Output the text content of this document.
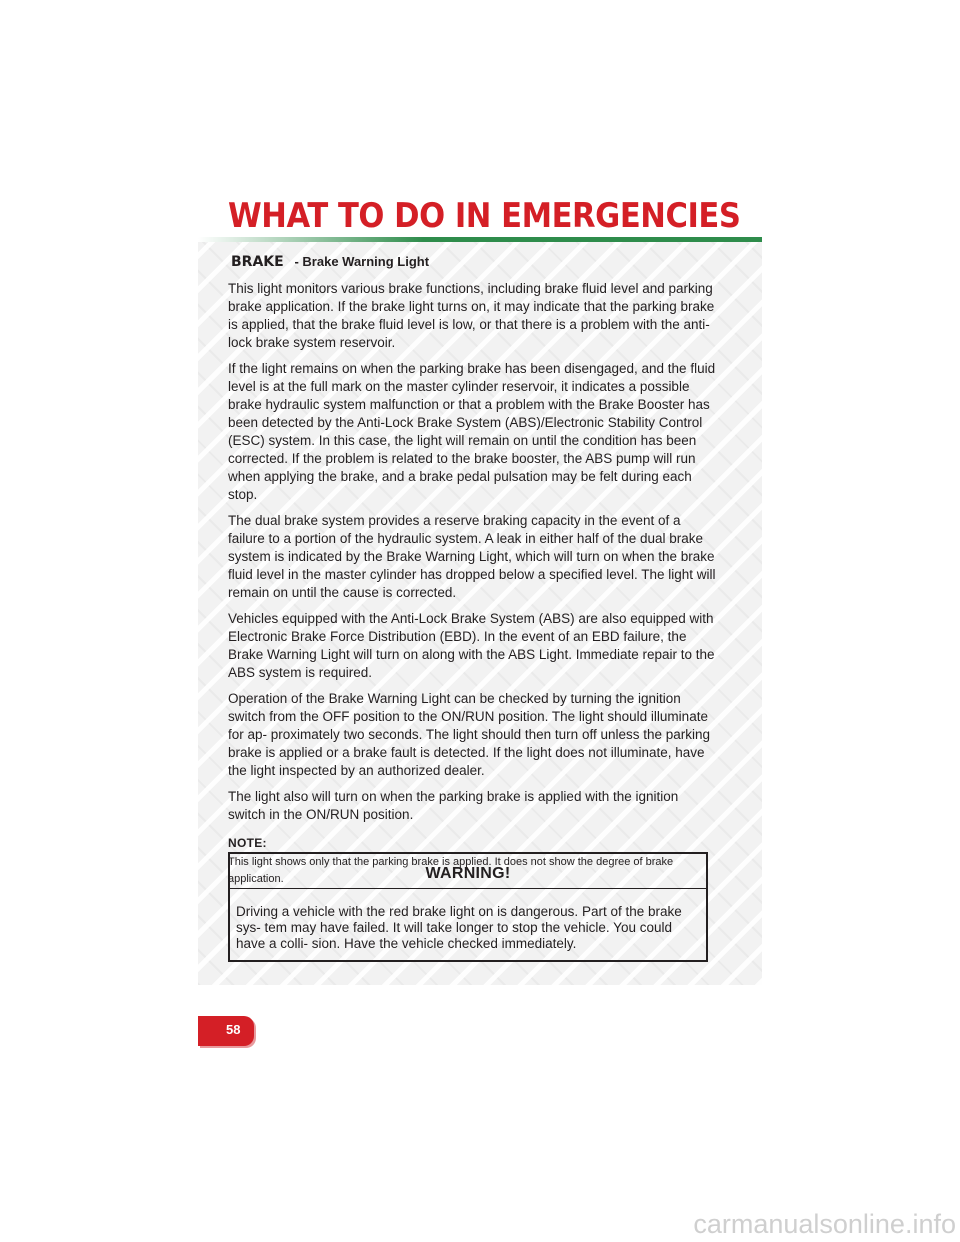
WHAT TO DO IN EMERGENCIES
BRAKE - Brake Warning Light

This light monitors various brake functions, including brake fluid level and parking brake application. If the brake light turns on, it may indicate that the parking brake is applied, that the brake fluid level is low, or that there is a problem with the anti-lock brake system reservoir.

If the light remains on when the parking brake has been disengaged, and the fluid level is at the full mark on the master cylinder reservoir, it indicates a possible brake hydraulic system malfunction or that a problem with the Brake Booster has been detected by the Anti-Lock Brake System (ABS)/Electronic Stability Control (ESC) system. In this case, the light will remain on until the condition has been corrected. If the problem is related to the brake booster, the ABS pump will run when applying the brake, and a brake pedal pulsation may be felt during each stop.

The dual brake system provides a reserve braking capacity in the event of a failure to a portion of the hydraulic system. A leak in either half of the dual brake system is indicated by the Brake Warning Light, which will turn on when the brake fluid level in the master cylinder has dropped below a specified level. The light will remain on until the cause is corrected.

Vehicles equipped with the Anti-Lock Brake System (ABS) are also equipped with Electronic Brake Force Distribution (EBD). In the event of an EBD failure, the Brake Warning Light will turn on along with the ABS Light. Immediate repair to the ABS system is required.

Operation of the Brake Warning Light can be checked by turning the ignition switch from the OFF position to the ON/RUN position. The light should illuminate for ap- proximately two seconds. The light should then turn off unless the parking brake is applied or a brake fault is detected. If the light does not illuminate, have the light inspected by an authorized dealer.

The light also will turn on when the parking brake is applied with the ignition switch in the ON/RUN position.

NOTE:

This light shows only that the parking brake is applied. It does not show the degree of brake application.	WARNING!

Driving a vehicle with the red brake light on is dangerous. Part of the brake sys- tem may have failed. It will take longer to stop the vehicle. You could have a colli- sion. Have the vehicle checked immediately.

58
carmanualsonline.info
